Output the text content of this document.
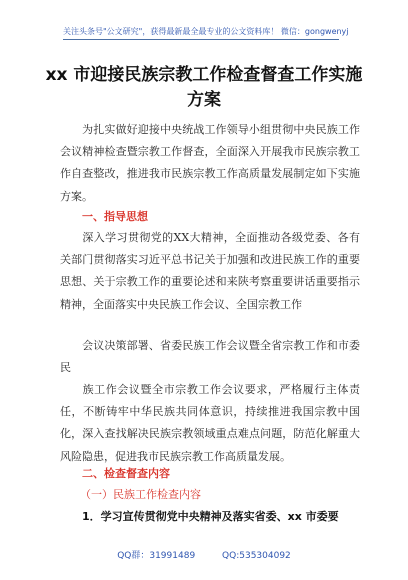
关注头条号"公文研究"，获得最新最全最专业的公文资料库！ 微信：gongwenyj
xx 市迎接民族宗教工作检查督查工作实施
方案
为扎实做好迎接中央统战工作领导小组贯彻中央民族工作会议精神检查暨宗教工作督查，全面深入开展我市民族宗教工作自查整改，推进我市民族宗教工作高质量发展制定如下实施方案。
一、指导思想
深入学习贯彻党的XX大精神，全面推动各级党委、各有关部门贯彻落实习近平总书记关于加强和改进民族工作的重要思想、关于宗教工作的重要论述和来陕考察重要讲话重要指示精神，全面落实中央民族工作会议、全国宗教工作
会议决策部署、省委民族工作会议暨全省宗教工作和市委民
族工作会议暨全市宗教工作会议要求，严格履行主体责任，不断铸牢中华民族共同体意识，持续推进我国宗教中国化，深入查找解决民族宗教领域重点难点问题，防范化解重大风险隐患，促进我市民族宗教工作高质量发展。
二、检查督查内容
（一）民族工作检查内容
1．学习宣传贯彻党中央精神及落实省委、xx 市委要
QQ群：31991489	QQ:535304092
